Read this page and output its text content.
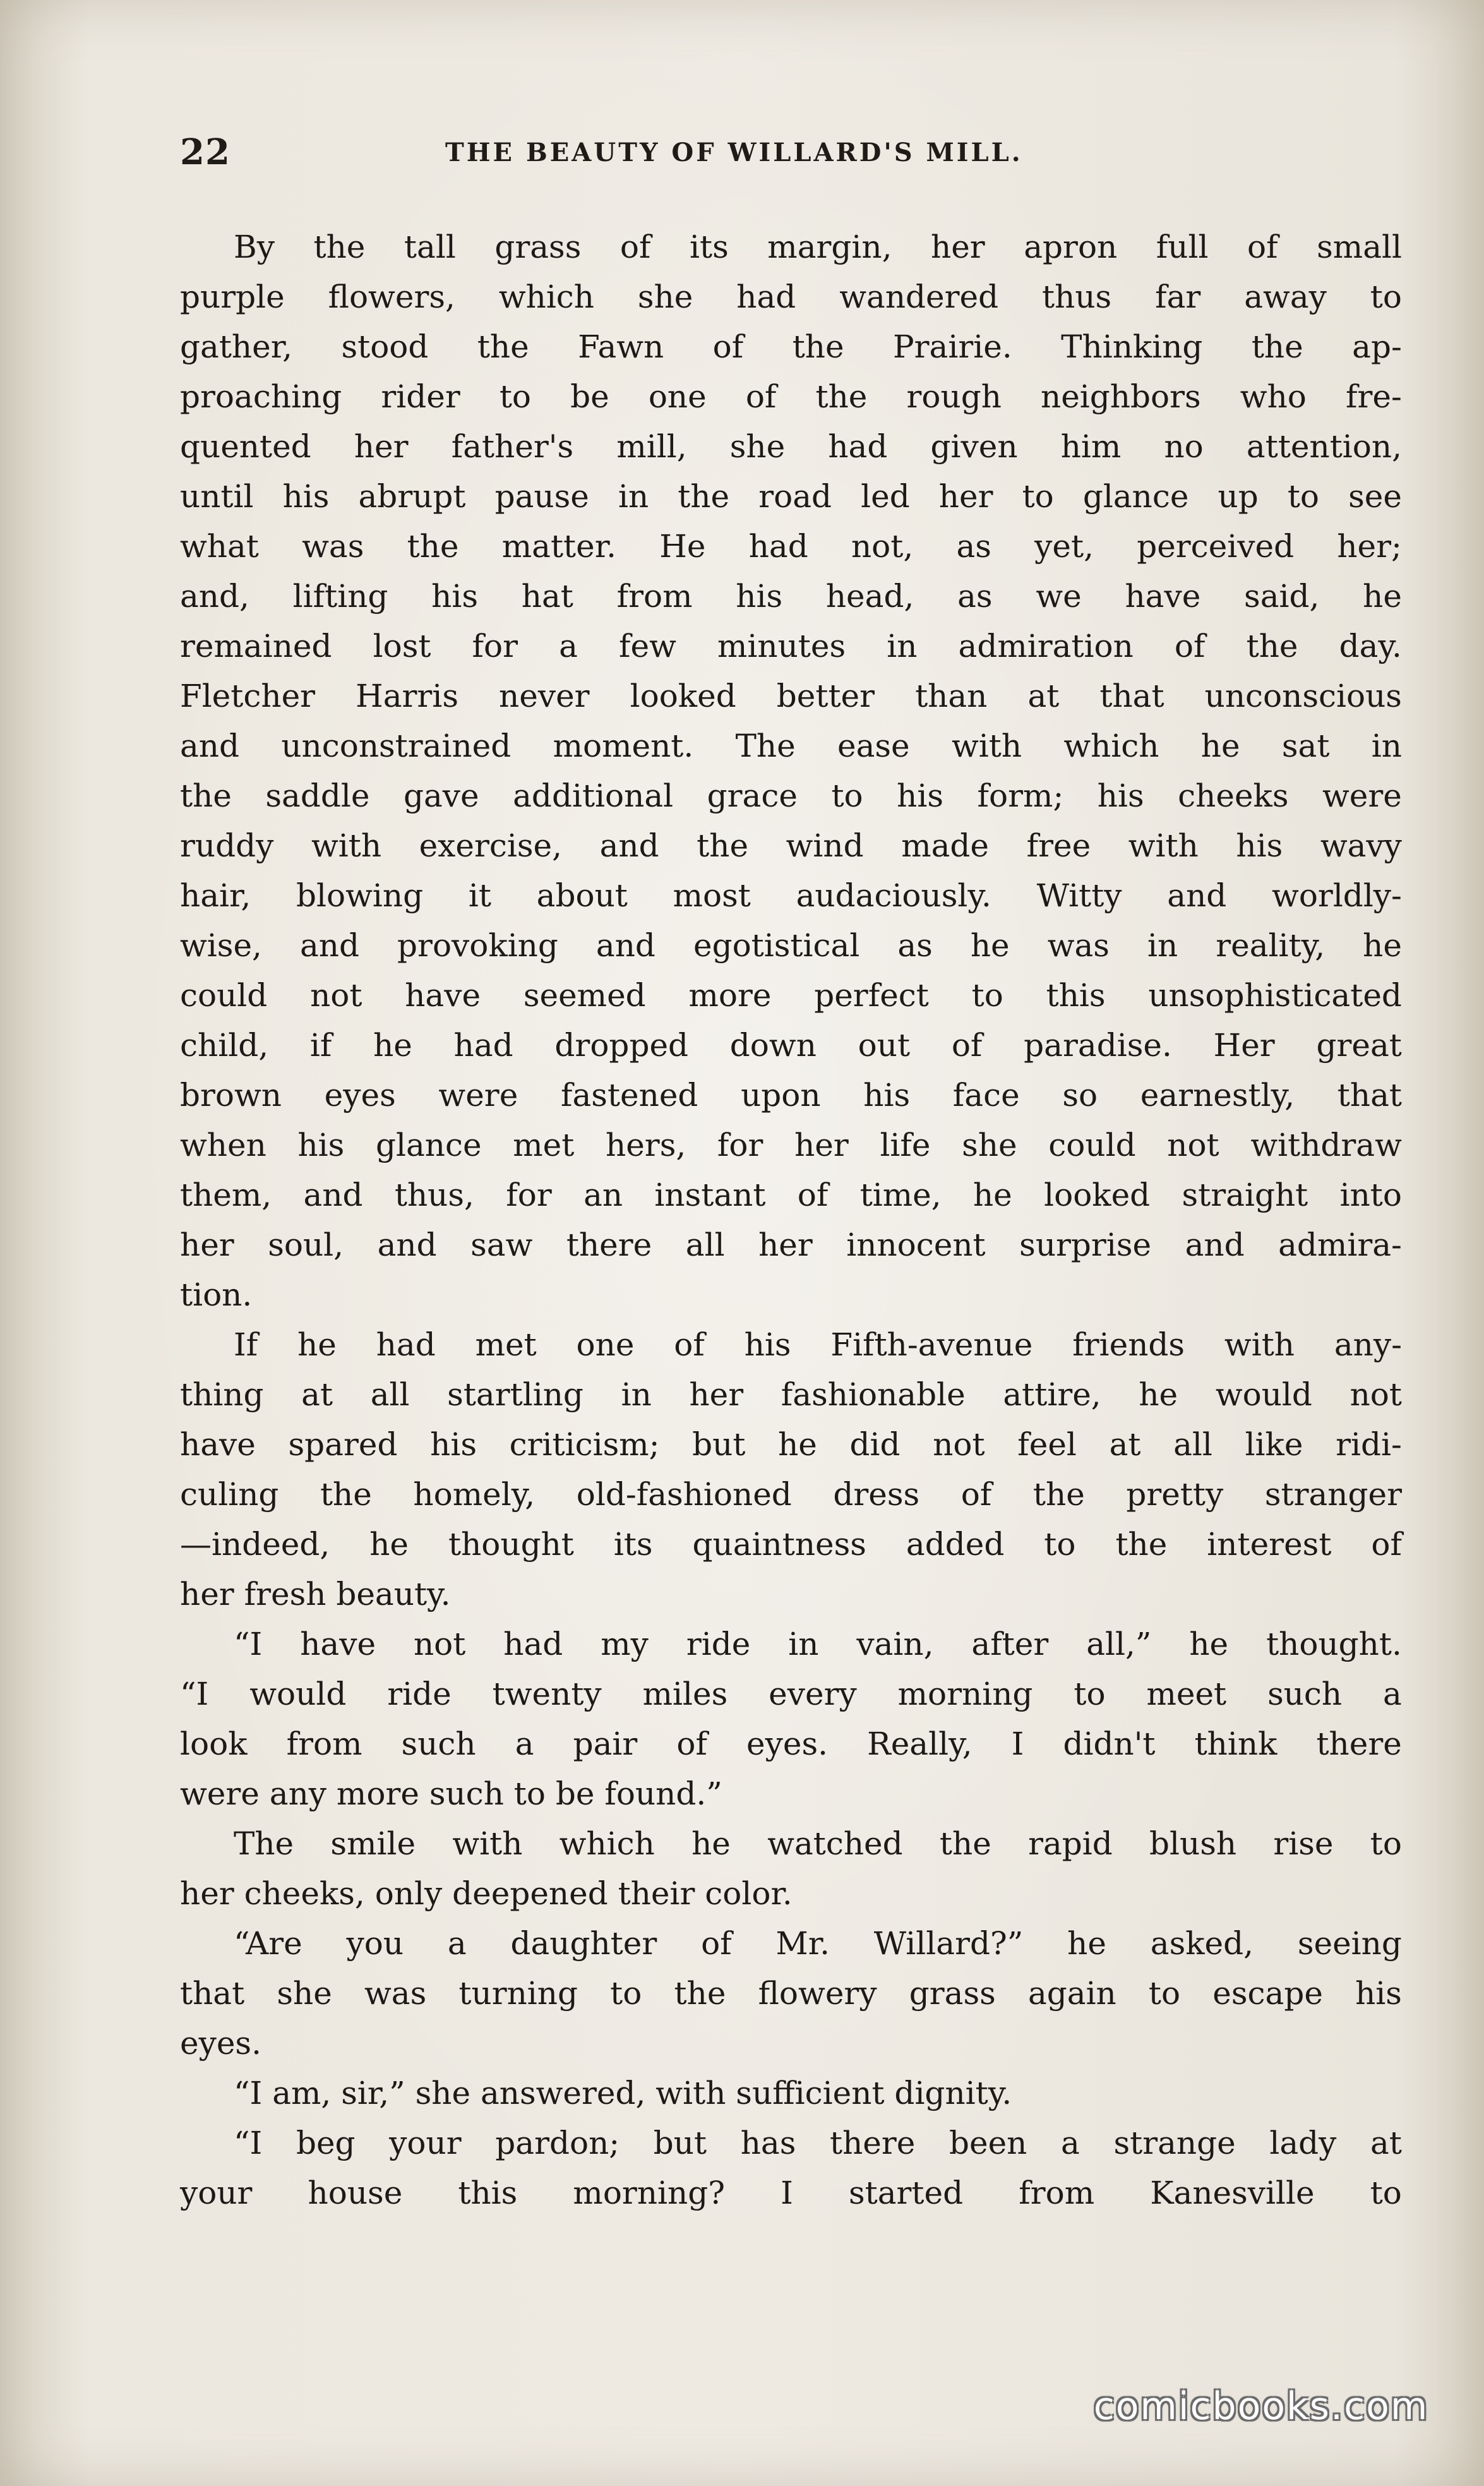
22	THE BEAUTY OF WILLARD'S MILL.
By the tall grass of its margin, her apron full of small
purple flowers, which she had wandered thus far away to
gather, stood the Fawn of the Prairie. Thinking the ap-
proaching rider to be one of the rough neighbors who fre-
quented her father's mill, she had given him no attention,
until his abrupt pause in the road led her to glance up to see
what was the matter. He had not, as yet, perceived her;
and, lifting his hat from his head, as we have said, he
remained lost for a few minutes in admiration of the day.
Fletcher Harris never looked better than at that unconscious
and unconstrained moment. The ease with which he sat in
the saddle gave additional grace to his form; his cheeks were
ruddy with exercise, and the wind made free with his wavy
hair, blowing it about most audaciously. Witty and worldly-
wise, and provoking and egotistical as he was in reality, he
could not have seemed more perfect to this unsophisticated
child, if he had dropped down out of paradise. Her great
brown eyes were fastened upon his face so earnestly, that
when his glance met hers, for her life she could not withdraw
them, and thus, for an instant of time, he looked straight into
her soul, and saw there all her innocent surprise and admira-
tion.
If he had met one of his Fifth-avenue friends with any-
thing at all startling in her fashionable attire, he would not
have spared his criticism; but he did not feel at all like ridi-
culing the homely, old-fashioned dress of the pretty stranger
—indeed, he thought its quaintness added to the interest of
her fresh beauty.
“I have not had my ride in vain, after all,” he thought.
“I would ride twenty miles every morning to meet such a
look from such a pair of eyes. Really, I didn't think there
were any more such to be found.”
The smile with which he watched the rapid blush rise to
her cheeks, only deepened their color.
“Are you a daughter of Mr. Willard?” he asked, seeing
that she was turning to the flowery grass again to escape his
eyes.
“I am, sir,” she answered, with sufficient dignity.
“I beg your pardon; but has there been a strange lady at
your house this morning? I started from Kanesville to
comicbooks.com
